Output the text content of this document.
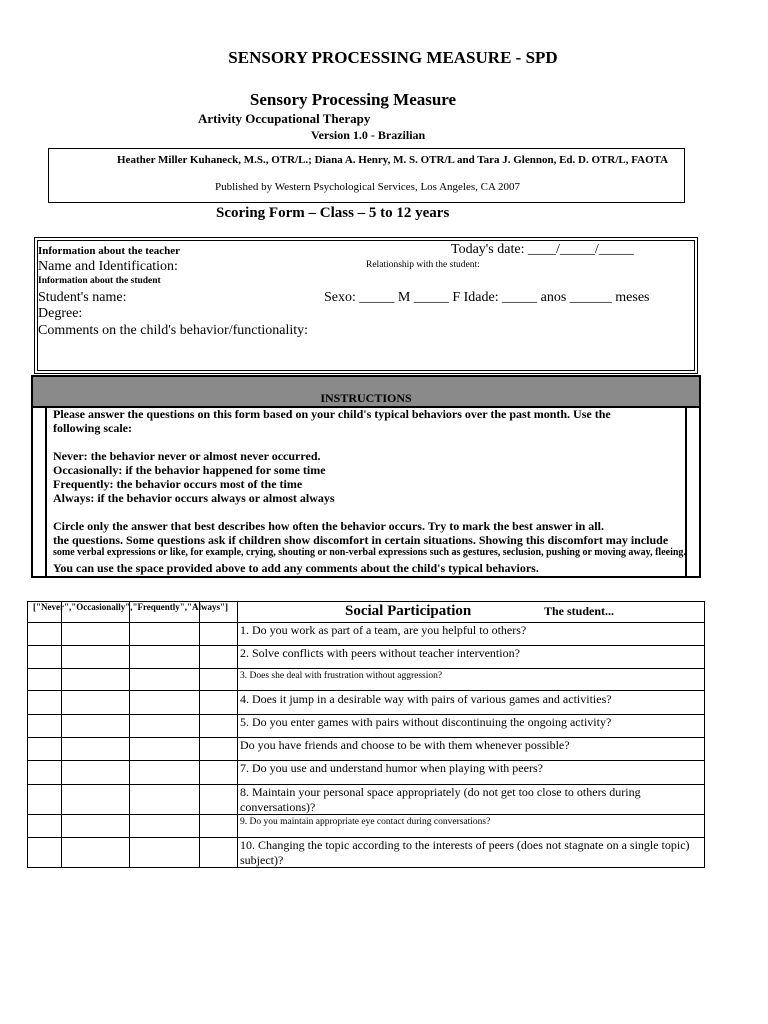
SENSORY PROCESSING MEASURE - SPD
Sensory Processing Measure
Artivity Occupational Therapy
Version 1.0 - Brazilian
Heather Miller Kuhaneck, M.S., OTR/L.; Diana A. Henry, M. S. OTR/L and Tara J. Glennon, Ed. D. OTR/L, FAOTA
Published by Western Psychological Services, Los Angeles, CA 2007
Scoring Form – Class – 5 to 12 years
Information about the teacher	Today's date: ____/_____/_____
Name and Identification:	Relationship with the student:
Information about the student
Student's name:	Sexo: _____ M _____ F Idade: _____ anos ______ meses
Degree:
Comments on the child's behavior/functionality:
INSTRUCTIONS
Please answer the questions on this form based on your child's typical behaviors over the past month. Use the
following scale:
Never: the behavior never or almost never occurred.
Occasionally: if the behavior happened for some time
Frequently: the behavior occurs most of the time
Always: if the behavior occurs always or almost always
Circle only the answer that best describes how often the behavior occurs. Try to mark the best answer in all.
the questions. Some questions ask if children show discomfort in certain situations. Showing this discomfort may include
some verbal expressions or like, for example, crying, shouting or non-verbal expressions such as gestures, seclusion, pushing or moving away, fleeing.
You can use the space provided above to add any comments about the child's typical behaviors.
["Never","Occasionally","Frequently","Always"]	Social Participation	The student...
1. Do you work as part of a team, are you helpful to others?
2. Solve conflicts with peers without teacher intervention?
3. Does she deal with frustration without aggression?
4. Does it jump in a desirable way with pairs of various games and activities?
5. Do you enter games with pairs without discontinuing the ongoing activity?
Do you have friends and choose to be with them whenever possible?
7. Do you use and understand humor when playing with peers?
8. Maintain your personal space appropriately (do not get too close to others during conversations)?
9. Do you maintain appropriate eye contact during conversations?
10. Changing the topic according to the interests of peers (does not stagnate on a single topic) subject)?
